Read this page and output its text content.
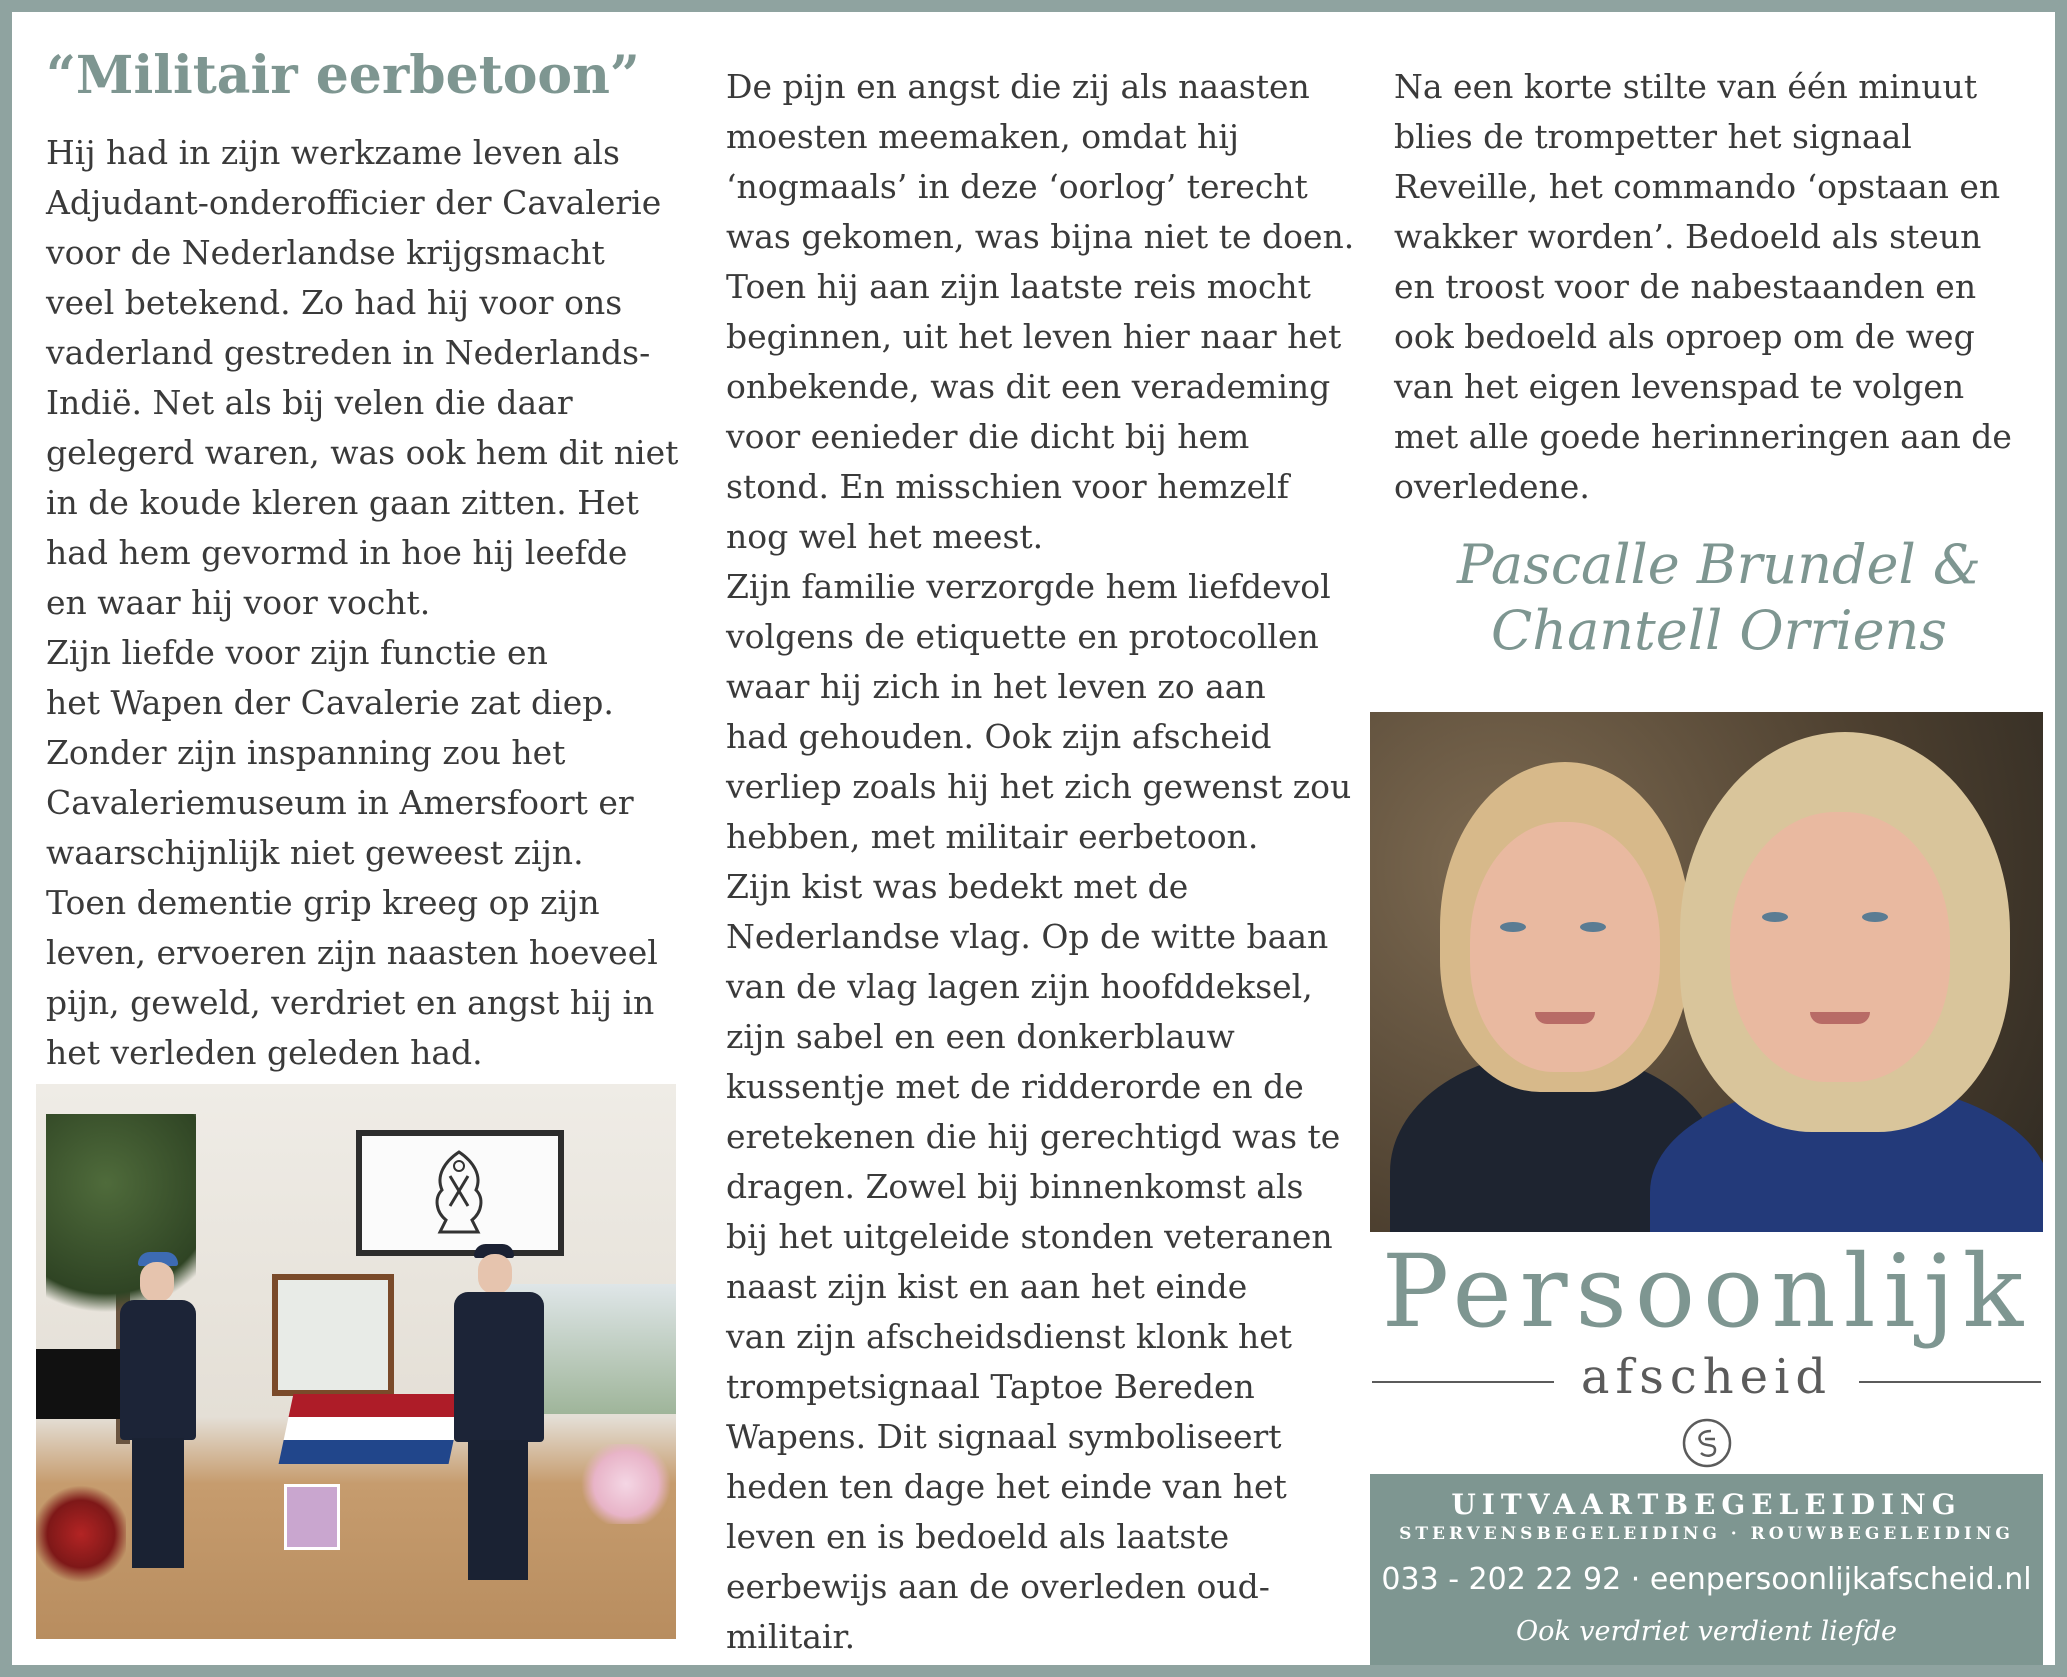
“Militair eerbetoon”
Hij had in zijn werkzame leven als
Adjudant-onderofficier der Cavalerie
voor de Nederlandse krijgsmacht
veel betekend. Zo had hij voor ons
vaderland gestreden in Nederlands-
Indië. Net als bij velen die daar
gelegerd waren, was ook hem dit niet
in de koude kleren gaan zitten. Het
had hem gevormd in hoe hij leefde
en waar hij voor vocht.
Zijn liefde voor zijn functie en
het Wapen der Cavalerie zat diep.
Zonder zijn inspanning zou het
Cavaleriemuseum in Amersfoort er
waarschijnlijk niet geweest zijn.
Toen dementie grip kreeg op zijn
leven, ervoeren zijn naasten hoeveel
pijn, geweld, verdriet en angst hij in
het verleden geleden had.
De pijn en angst die zij als naasten
moesten meemaken, omdat hij
‘nogmaals’ in deze ‘oorlog’ terecht
was gekomen, was bijna niet te doen.
Toen hij aan zijn laatste reis mocht
beginnen, uit het leven hier naar het
onbekende, was dit een verademing
voor eenieder die dicht bij hem
stond. En misschien voor hemzelf
nog wel het meest.
Zijn familie verzorgde hem liefdevol
volgens de etiquette en protocollen
waar hij zich in het leven zo aan
had gehouden. Ook zijn afscheid
verliep zoals hij het zich gewenst zou
hebben, met militair eerbetoon.
Zijn kist was bedekt met de
Nederlandse vlag. Op de witte baan
van de vlag lagen zijn hoofddeksel,
zijn sabel en een donkerblauw
kussentje met de ridderorde en de
eretekenen die hij gerechtigd was te
dragen. Zowel bij binnenkomst als
bij het uitgeleide stonden veteranen
naast zijn kist en aan het einde
van zijn afscheidsdienst klonk het
trompetsignaal Taptoe Bereden
Wapens. Dit signaal symboliseert
heden ten dage het einde van het
leven en is bedoeld als laatste
eerbewijs aan de overleden oud-
militair.
Na een korte stilte van één minuut
blies de trompetter het signaal
Reveille, het commando ‘opstaan en
wakker worden’. Bedoeld als steun
en troost voor de nabestaanden en
ook bedoeld als oproep om de weg
van het eigen levenspad te volgen
met alle goede herinneringen aan de
overledene.
Pascalle Brundel &
Chantell Orriens
Persoonlijk
afscheid
UITVAARTBEGELEIDING
STERVENSBEGELEIDING · ROUWBEGELEIDING
033 - 202 22 92 · eenpersoonlijkafscheid.nl
Ook verdriet verdient liefde
